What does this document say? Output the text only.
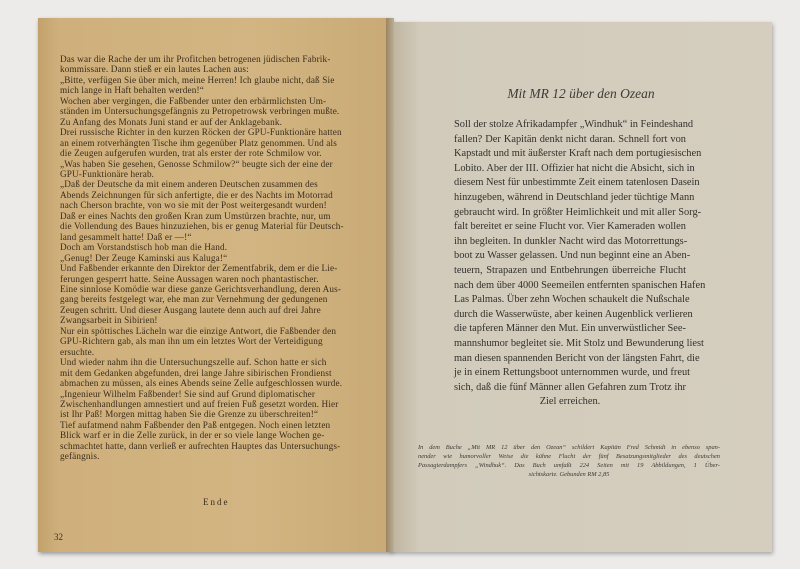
Das war die Rache der um ihr Profitchen betrogenen jüdischen Fabrik-
kommissare. Dann stieß er ein lautes Lachen aus:
„Bitte, verfügen Sie über mich, meine Herren! Ich glaube nicht, daß Sie
mich lange in Haft behalten werden!“
Wochen aber vergingen, die Faßbender unter den erbärmlichsten Um-
ständen im Untersuchungsgefängnis zu Petropetrowsk verbringen mußte.
Zu Anfang des Monats Juni stand er auf der Anklagebank.
Drei russische Richter in den kurzen Röcken der GPU-Funktionäre hatten
an einem rotverhängten Tische ihm gegenüber Platz genommen. Und als
die Zeugen aufgerufen wurden, trat als erster der rote Schmilow vor.
„Was haben Sie gesehen, Genosse Schmilow?“ beugte sich der eine der
GPU-Funktionäre herab.
„Daß der Deutsche da mit einem anderen Deutschen zusammen des
Abends Zeichnungen für sich anfertigte, die er des Nachts im Motorrad
nach Cherson brachte, von wo sie mit der Post weitergesandt wurden!
Daß er eines Nachts den großen Kran zum Umstürzen brachte, nur, um
die Vollendung des Baues hinzuziehen, bis er genug Material für Deutsch-
land gesammelt hatte! Daß er —!“
Doch am Vorstandstisch hob man die Hand.
„Genug! Der Zeuge Kaminski aus Kaluga!“
Und Faßbender erkannte den Direktor der Zementfabrik, dem er die Lie-
ferungen gesperrt hatte. Seine Aussagen waren noch phantastischer.
Eine sinnlose Komödie war diese ganze Gerichtsverhandlung, deren Aus-
gang bereits festgelegt war, ehe man zur Vernehmung der gedungenen
Zeugen schritt. Und dieser Ausgang lautete denn auch auf drei Jahre
Zwangsarbeit in Sibirien!
Nur ein spöttisches Lächeln war die einzige Antwort, die Faßbender den
GPU-Richtern gab, als man ihn um ein letztes Wort der Verteidigung
ersuchte.
Und wieder nahm ihn die Untersuchungszelle auf. Schon hatte er sich
mit dem Gedanken abgefunden, drei lange Jahre sibirischen Frondienst
abmachen zu müssen, als eines Abends seine Zelle aufgeschlossen wurde.
„Ingenieur Wilhelm Faßbender! Sie sind auf Grund diplomatischer
Zwischenhandlungen amnestiert und auf freien Fuß gesetzt worden. Hier
ist Ihr Paß! Morgen mittag haben Sie die Grenze zu überschreiten!“
Tief aufatmend nahm Faßbender den Paß entgegen. Noch einen letzten
Blick warf er in die Zelle zurück, in der er so viele lange Wochen ge-
schmachtet hatte, dann verließ er aufrechten Hauptes das Untersuchungs-
gefängnis.
Ende
32
Mit MR 12 über den Ozean
Soll der stolze Afrikadampfer „Windhuk“ in Feindeshand
fallen? Der Kapitän denkt nicht daran. Schnell fort von
Kapstadt und mit äußerster Kraft nach dem portugiesischen
Lobito. Aber der III. Offizier hat nicht die Absicht, sich in
diesem Nest für unbestimmte Zeit einem tatenlosen Dasein
hinzugeben, während in Deutschland jeder tüchtige Mann
gebraucht wird. In größter Heimlichkeit und mit aller Sorg-
falt bereitet er seine Flucht vor. Vier Kameraden wollen
ihn begleiten. In dunkler Nacht wird das Motorrettungs-
boot zu Wasser gelassen. Und nun beginnt eine an Aben-
teuern, Strapazen und Entbehrungen überreiche Flucht
nach dem über 4000 Seemeilen entfernten spanischen Hafen
Las Palmas. Über zehn Wochen schaukelt die Nußschale
durch die Wasserwüste, aber keinen Augenblick verlieren
die tapferen Männer den Mut. Ein unverwüstlicher See-
mannshumor begleitet sie. Mit Stolz und Bewunderung liest
man diesen spannenden Bericht von der längsten Fahrt, die
je in einem Rettungsboot unternommen wurde, und freut
sich, daß die fünf Männer allen Gefahren zum Trotz ihr
Ziel erreichen.
In dem Buche „Mit MR 12 über den Ozean“ schildert Kapitän Fred Schmidt in ebenso span-
nender wie humorvoller Weise die kühne Flucht der fünf Besatzungsmitglieder des deutschen
Passagierdampfers „Windhuk“. Das Buch umfaßt 224 Seiten mit 19 Abbildungen, 1 Über-
sichtskarte. Gebunden RM 2,85
